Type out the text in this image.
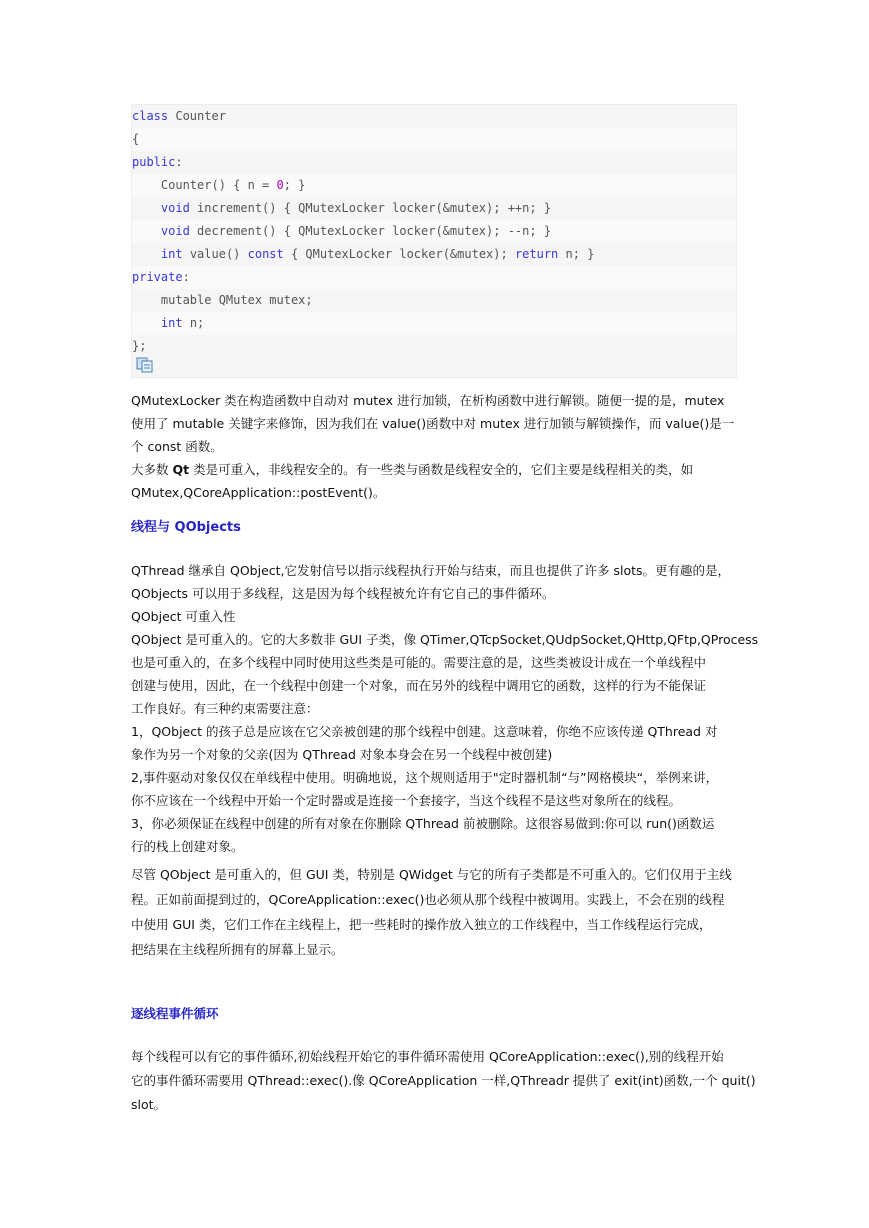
class Counter
{
public:
Counter() { n = 0; }
void increment() { QMutexLocker locker(&mutex); ++n; }
void decrement() { QMutexLocker locker(&mutex); --n; }
int value() const { QMutexLocker locker(&mutex); return n; }
private:
mutable QMutex mutex;
int n;
};
QMutexLocker 类在构造函数中自动对 mutex 进行加锁，在析构函数中进行解锁。随便一提的是，mutex
使用了 mutable 关键字来修饰，因为我们在 value()函数中对 mutex 进行加锁与解锁操作，而 value()是一
个 const 函数。
大多数 Qt 类是可重入，非线程安全的。有一些类与函数是线程安全的，它们主要是线程相关的类，如
QMutex,QCoreApplication::postEvent()。
线程与 QObjects
QThread 继承自 QObject,它发射信号以指示线程执行开始与结束，而且也提供了许多 slots。更有趣的是，
QObjects 可以用于多线程，这是因为每个线程被允许有它自己的事件循环。
QObject 可重入性
QObject 是可重入的。它的大多数非 GUI 子类，像 QTimer,QTcpSocket,QUdpSocket,QHttp,QFtp,QProcess
也是可重入的，在多个线程中同时使用这些类是可能的。需要注意的是，这些类被设计成在一个单线程中
创建与使用，因此，在一个线程中创建一个对象，而在另外的线程中调用它的函数，这样的行为不能保证
工作良好。有三种约束需要注意：
1，QObject 的孩子总是应该在它父亲被创建的那个线程中创建。这意味着，你绝不应该传递 QThread 对
象作为另一个对象的父亲(因为 QThread 对象本身会在另一个线程中被创建)
2,事件驱动对象仅仅在单线程中使用。明确地说，这个规则适用于"定时器机制“与”网格模块“，举例来讲，
你不应该在一个线程中开始一个定时器或是连接一个套接字，当这个线程不是这些对象所在的线程。
3，你必须保证在线程中创建的所有对象在你删除 QThread 前被删除。这很容易做到:你可以 run()函数运
行的栈上创建对象。
尽管 QObject 是可重入的，但 GUI 类，特别是 QWidget 与它的所有子类都是不可重入的。它们仅用于主线
程。正如前面提到过的，QCoreApplication::exec()也必须从那个线程中被调用。实践上，不会在别的线程
中使用 GUI 类，它们工作在主线程上，把一些耗时的操作放入独立的工作线程中，当工作线程运行完成，
把结果在主线程所拥有的屏幕上显示。
逐线程事件循环
每个线程可以有它的事件循环,初始线程开始它的事件循环需使用 QCoreApplication::exec(),别的线程开始
它的事件循环需要用 QThread::exec().像 QCoreApplication 一样,QThreadr 提供了 exit(int)函数,一个 quit()
slot。
